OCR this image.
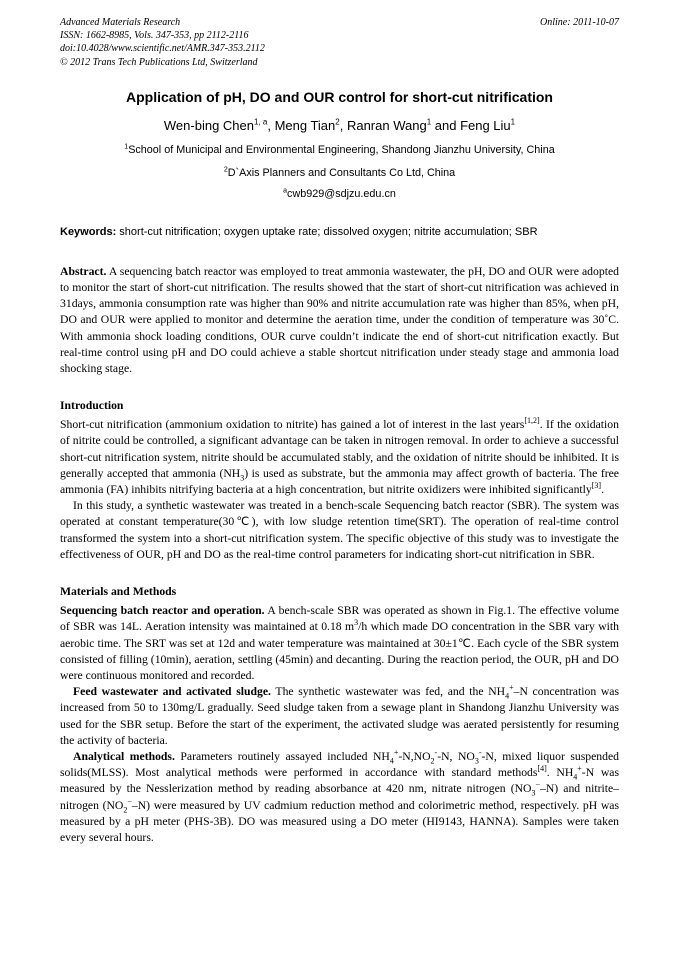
Advanced Materials Research
ISSN: 1662-8985, Vols. 347-353, pp 2112-2116
doi:10.4028/www.scientific.net/AMR.347-353.2112
© 2012 Trans Tech Publications Ltd, Switzerland
Online: 2011-10-07
Application of pH, DO and OUR control for short-cut nitrification

Wen-bing Chen$^{1, a}$, Meng Tian$^2$, Ranran Wang$^1$ and Feng Liu$^1$

$^1$School of Municipal and Environmental Engineering, Shandong Jianzhu University, China

$^2$D`Axis Planners and Consultants Co Ltd, China

$^a$cwb929@sdjzu.edu.cn

Keywords: short-cut nitrification; oxygen uptake rate; dissolved oxygen; nitrite accumulation; SBR

Abstract. A sequencing batch reactor was employed to treat ammonia wastewater, the pH, DO and OUR were adopted to monitor the start of short-cut nitrification. The results showed that the start of short-cut nitrification was achieved in 31days, ammonia consumption rate was higher than 90% and nitrite accumulation rate was higher than 85%, when pH, DO and OUR were applied to monitor and determine the aeration time, under the condition of temperature was 30˚C. With ammonia shock loading conditions, OUR curve couldn’t indicate the end of short-cut nitrification exactly. But real-time control using pH and DO could achieve a stable shortcut nitrification under steady stage and ammonia load shocking stage.

Introduction

Short-cut nitrification (ammonium oxidation to nitrite) has gained a lot of interest in the last years[1,2]. If the oxidation of nitrite could be controlled, a significant advantage can be taken in nitrogen removal. In order to achieve a successful short-cut nitrification system, nitrite should be accumulated stably, and the oxidation of nitrite should be inhibited. It is generally accepted that ammonia $(NH_3)$ is used as substrate, but the ammonia may affect growth of bacteria. The free ammonia (FA) inhibits nitrifying bacteria at a high concentration, but nitrite oxidizers were inhibited significantly[3].

In this study, a synthetic wastewater was treated in a bench-scale Sequencing batch reactor (SBR). The system was operated at constant temperature(30℃), with low sludge retention time(SRT). The operation of real-time control transformed the system into a short-cut nitrification system. The specific objective of this study was to investigate the effectiveness of OUR, pH and DO as the real-time control parameters for indicating short-cut nitrification in SBR.

Materials and Methods

Sequencing batch reactor and operation. A bench-scale SBR was operated as shown in Fig.1. The effective volume of SBR was 14L. Aeration intensity was maintained at 0.18 $m^3/h$ which made DO concentration in the SBR vary with aerobic time. The SRT was set at 12d and water temperature was maintained at 30±1℃. Each cycle of the SBR system consisted of filling (10min), aeration, settling (45min) and decanting. During the reaction period, the OUR, pH and DO were continuous monitored and recorded.

Feed wastewater and activated sludge. The synthetic wastewater was fed, and the $NH_4^+-N$ concentration was increased from 50 to 130mg/L gradually. Seed sludge taken from a sewage plant in Shandong Jianzhu University was used for the SBR setup. Before the start of the experiment, the activated sludge was aerated persistently for resuming the activity of bacteria.

Analytical methods. Parameters routinely assayed included $NH_4^+-N,NO_2^--N$, $NO_3^--N$, mixed liquor suspended solids(MLSS). Most analytical methods were performed in accordance with standard methods[4]. $NH_4^+-N$ was measured by the Nesslerization method by reading absorbance at 420 nm, nitrate nitrogen $(NO_3^--N)$ and nitrite–nitrogen $(NO_2^--N)$ were measured by UV cadmium reduction method and colorimetric method, respectively. pH was measured by a pH meter (PHS-3B). DO was measured using a DO meter (HI9143, HANNA). Samples were taken every several hours.
